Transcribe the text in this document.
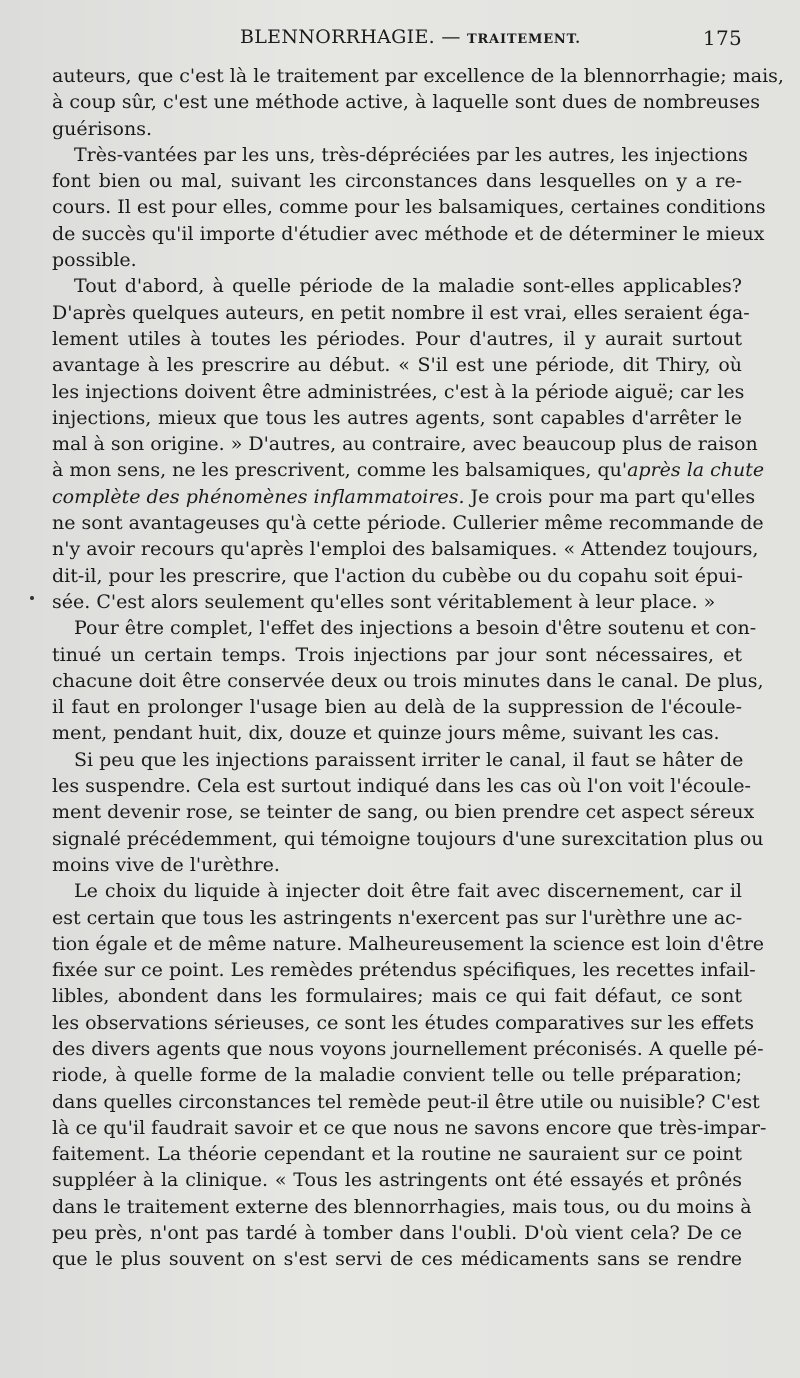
BLENNORRHAGIE. — TRAITEMENT.	175
auteurs, que c'est là le traitement par excellence de la blennorrhagie; mais,
à coup sûr, c'est une méthode active, à laquelle sont dues de nombreuses
guérisons.
Très-vantées par les uns, très-dépréciées par les autres, les injections
font bien ou mal, suivant les circonstances dans lesquelles on y a re-
cours. Il est pour elles, comme pour les balsamiques, certaines conditions
de succès qu'il importe d'étudier avec méthode et de déterminer le mieux
possible.
Tout d'abord, à quelle période de la maladie sont-elles applicables?
D'après quelques auteurs, en petit nombre il est vrai, elles seraient éga-
lement utiles à toutes les périodes. Pour d'autres, il y aurait surtout
avantage à les prescrire au début. « S'il est une période, dit Thiry, où
les injections doivent être administrées, c'est à la période aiguë; car les
injections, mieux que tous les autres agents, sont capables d'arrêter le
mal à son origine. » D'autres, au contraire, avec beaucoup plus de raison
à mon sens, ne les prescrivent, comme les balsamiques, qu'après la chute
complète des phénomènes inflammatoires. Je crois pour ma part qu'elles
ne sont avantageuses qu'à cette période. Cullerier même recommande de
n'y avoir recours qu'après l'emploi des balsamiques. « Attendez toujours,
dit-il, pour les prescrire, que l'action du cubèbe ou du copahu soit épui-
sée. C'est alors seulement qu'elles sont véritablement à leur place. »
Pour être complet, l'effet des injections a besoin d'être soutenu et con-
tinué un certain temps. Trois injections par jour sont nécessaires, et
chacune doit être conservée deux ou trois minutes dans le canal. De plus,
il faut en prolonger l'usage bien au delà de la suppression de l'écoule-
ment, pendant huit, dix, douze et quinze jours même, suivant les cas.
Si peu que les injections paraissent irriter le canal, il faut se hâter de
les suspendre. Cela est surtout indiqué dans les cas où l'on voit l'écoule-
ment devenir rose, se teinter de sang, ou bien prendre cet aspect séreux
signalé précédemment, qui témoigne toujours d'une surexcitation plus ou
moins vive de l'urèthre.
Le choix du liquide à injecter doit être fait avec discernement, car il
est certain que tous les astringents n'exercent pas sur l'urèthre une ac-
tion égale et de même nature. Malheureusement la science est loin d'être
fixée sur ce point. Les remèdes prétendus spécifiques, les recettes infail-
libles, abondent dans les formulaires; mais ce qui fait défaut, ce sont
les observations sérieuses, ce sont les études comparatives sur les effets
des divers agents que nous voyons journellement préconisés. A quelle pé-
riode, à quelle forme de la maladie convient telle ou telle préparation;
dans quelles circonstances tel remède peut-il être utile ou nuisible? C'est
là ce qu'il faudrait savoir et ce que nous ne savons encore que très-impar-
faitement. La théorie cependant et la routine ne sauraient sur ce point
suppléer à la clinique. « Tous les astringents ont été essayés et prônés
dans le traitement externe des blennorrhagies, mais tous, ou du moins à
peu près, n'ont pas tardé à tomber dans l'oubli. D'où vient cela? De ce
que le plus souvent on s'est servi de ces médicaments sans se rendre
